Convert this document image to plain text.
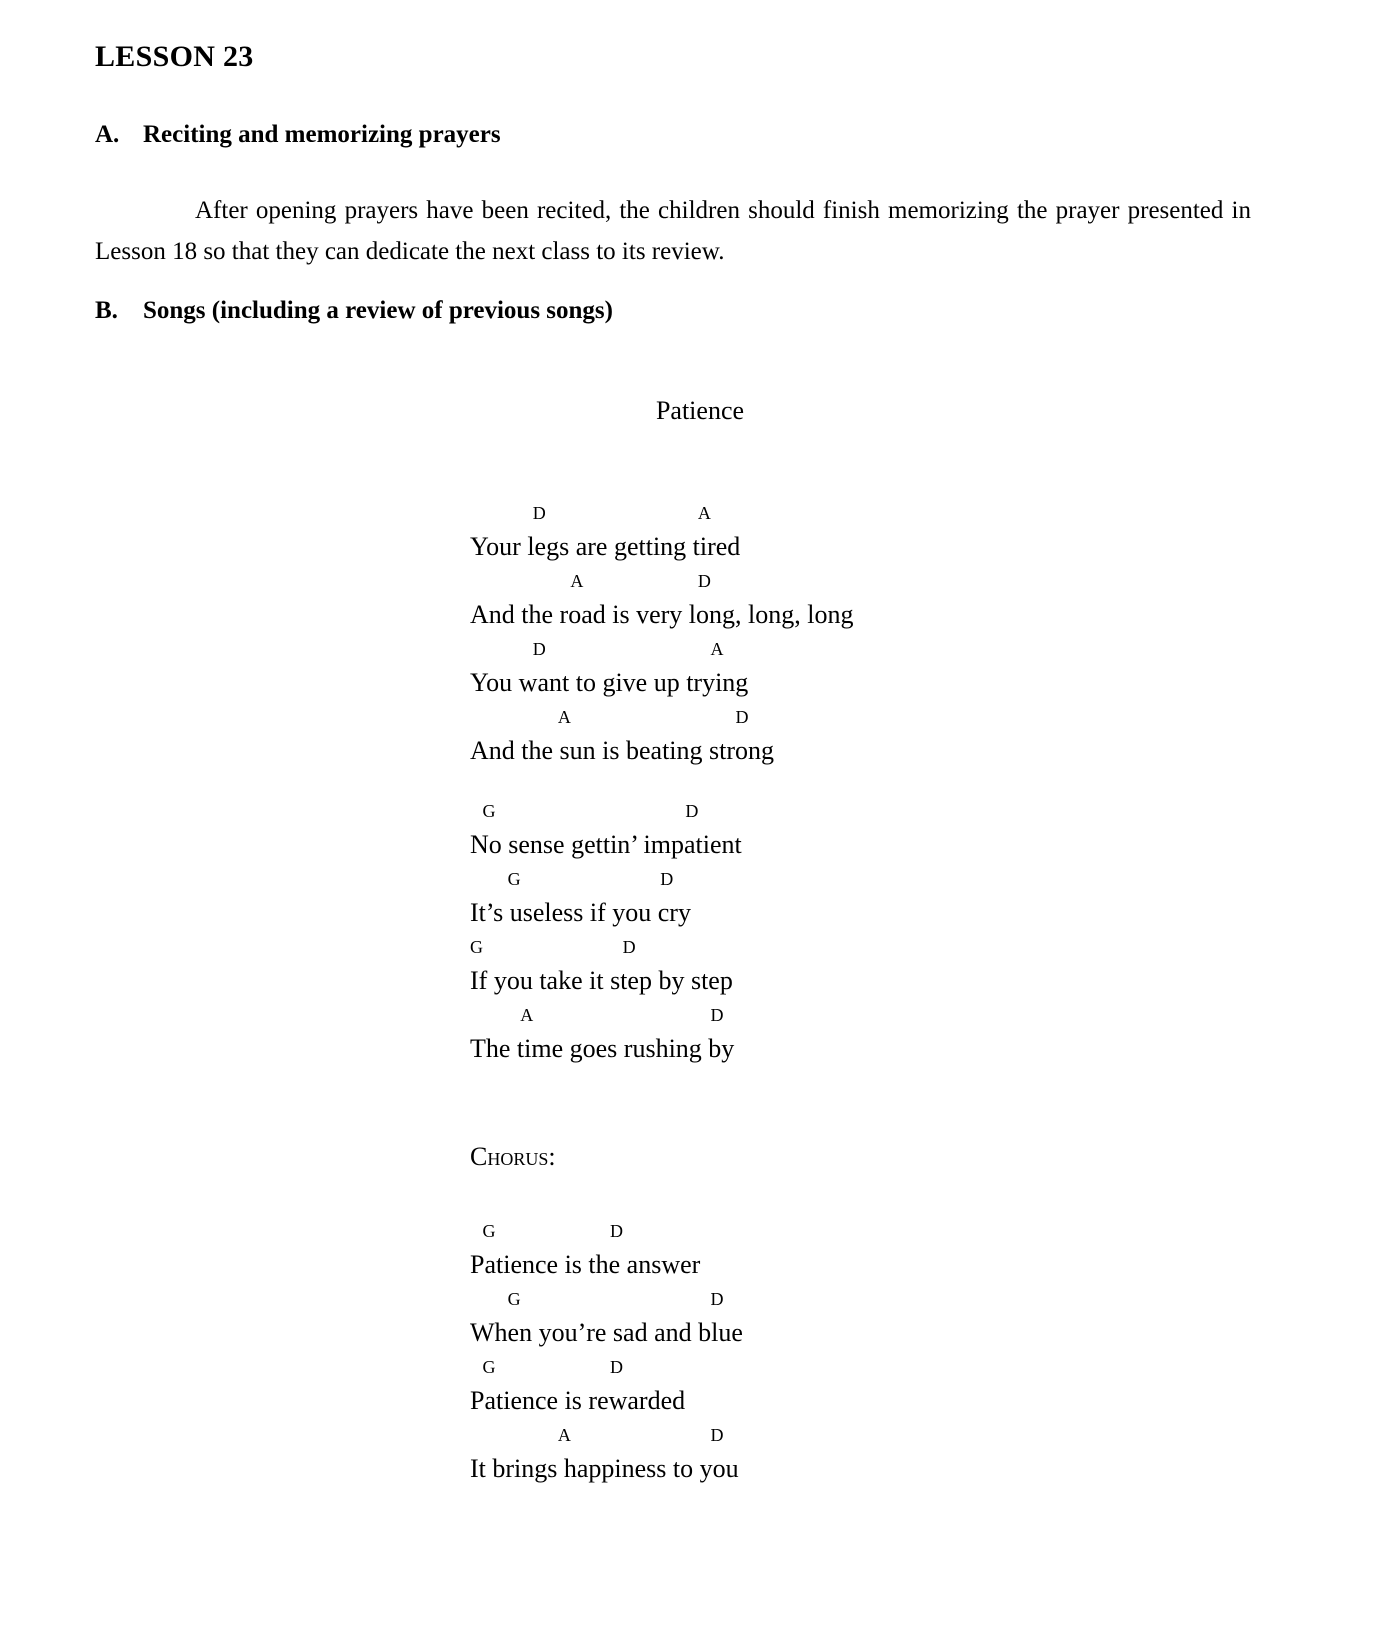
LESSON 23
A. Reciting and memorizing prayers
After opening prayers have been recited, the children should finish memorizing the prayer presented in Lesson 18 so that they can dedicate the next class to its review.
B. Songs (including a review of previous songs)
Patience
D	A
Your legs are getting tired
A	D
And the road is very long, long, long
D	A
You want to give up trying
A	D
And the sun is beating strong
G	D
No sense gettin’ impatient
G	D
It’s useless if you cry
G	D
If you take it step by step
A	D
The time goes rushing by
Chorus:
G	D
Patience is the answer
G	D
When you’re sad and blue
G	D
Patience is rewarded
A	D
It brings happiness to you
